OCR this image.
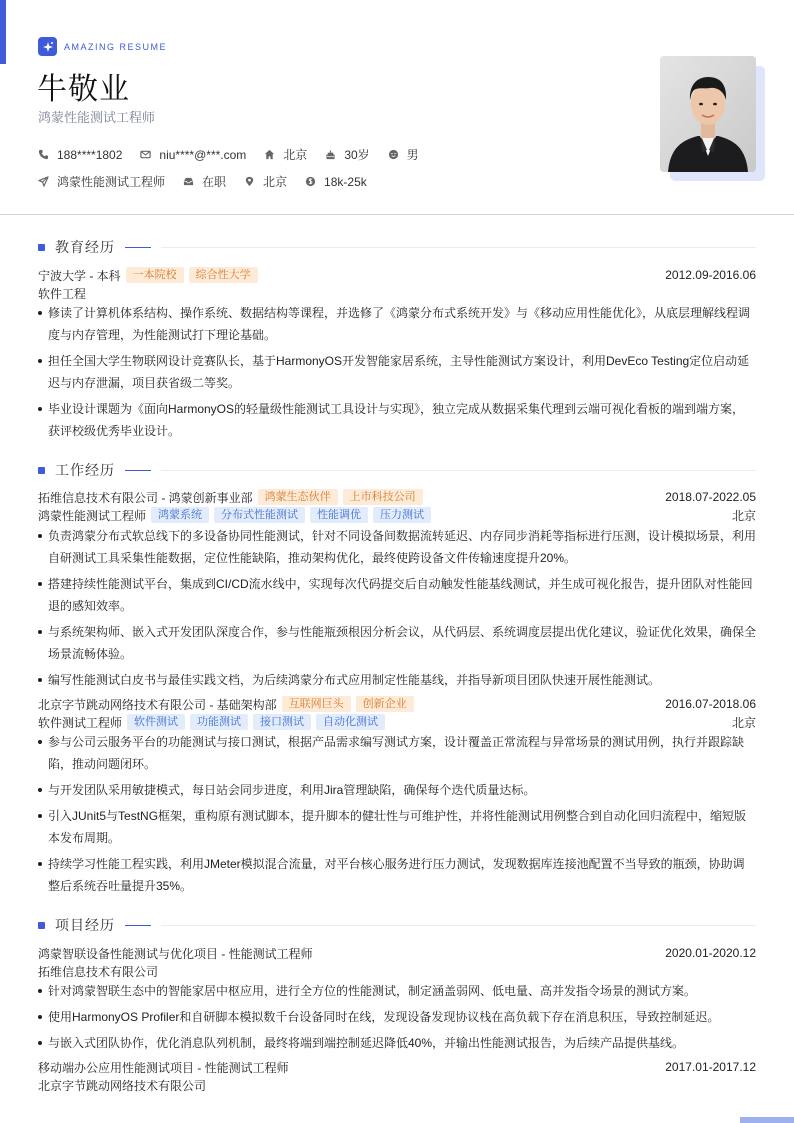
AMAZING RESUME
牛敬业
鸿蒙性能测试工程师
188****1802	niu****@***.com	北京	30岁	男
鸿蒙性能测试工程师	在职	北京	18k-25k
教育经历
宁波大学 - 本科	一本院校	综合性大学	2012.09-2016.06
软件工程
修读了计算机体系结构、操作系统、数据结构等课程，并选修了《鸿蒙分布式系统开发》与《移动应用性能优化》，从底层理解线程调度与内存管理，为性能测试打下理论基础。
担任全国大学生物联网设计竞赛队长，基于HarmonyOS开发智能家居系统，主导性能测试方案设计，利用DevEco Testing定位启动延迟与内存泄漏，项目获省级二等奖。
毕业设计课题为《面向HarmonyOS的轻量级性能测试工具设计与实现》，独立完成从数据采集代理到云端可视化看板的端到端方案，获评校级优秀毕业设计。
工作经历
拓维信息技术有限公司 - 鸿蒙创新事业部	鸿蒙生态伙伴	上市科技公司	2018.07-2022.05
鸿蒙性能测试工程师	鸿蒙系统	分布式性能测试	性能调优	压力测试	北京
负责鸿蒙分布式软总线下的多设备协同性能测试，针对不同设备间数据流转延迟、内存同步消耗等指标进行压测，设计模拟场景，利用自研测试工具采集性能数据，定位性能缺陷，推动架构优化，最终使跨设备文件传输速度提升20%。
搭建持续性能测试平台，集成到CI/CD流水线中，实现每次代码提交后自动触发性能基线测试，并生成可视化报告，提升团队对性能回退的感知效率。
与系统架构师、嵌入式开发团队深度合作，参与性能瓶颈根因分析会议，从代码层、系统调度层提出优化建议，验证优化效果，确保全场景流畅体验。
编写性能测试白皮书与最佳实践文档，为后续鸿蒙分布式应用制定性能基线，并指导新项目团队快速开展性能测试。
北京字节跳动网络技术有限公司 - 基础架构部	互联网巨头	创新企业	2016.07-2018.06
软件测试工程师	软件测试	功能测试	接口测试	自动化测试	北京
参与公司云服务平台的功能测试与接口测试，根据产品需求编写测试方案，设计覆盖正常流程与异常场景的测试用例，执行并跟踪缺陷，推动问题闭环。
与开发团队采用敏捷模式，每日站会同步进度，利用Jira管理缺陷，确保每个迭代质量达标。
引入JUnit5与TestNG框架，重构原有测试脚本，提升脚本的健壮性与可维护性，并将性能测试用例整合到自动化回归流程中，缩短版本发布周期。
持续学习性能工程实践，利用JMeter模拟混合流量，对平台核心服务进行压力测试，发现数据库连接池配置不当导致的瓶颈，协助调整后系统吞吐量提升35%。
项目经历
鸿蒙智联设备性能测试与优化项目 - 性能测试工程师	2020.01-2020.12
拓维信息技术有限公司
针对鸿蒙智联生态中的智能家居中枢应用，进行全方位的性能测试，制定涵盖弱网、低电量、高并发指令场景的测试方案。
使用HarmonyOS Profiler和自研脚本模拟数千台设备同时在线，发现设备发现协议栈在高负载下存在消息积压，导致控制延迟。
与嵌入式团队协作，优化消息队列机制，最终将端到端控制延迟降低40%，并输出性能测试报告，为后续产品提供基线。
移动端办公应用性能测试项目 - 性能测试工程师	2017.01-2017.12
北京字节跳动网络技术有限公司
